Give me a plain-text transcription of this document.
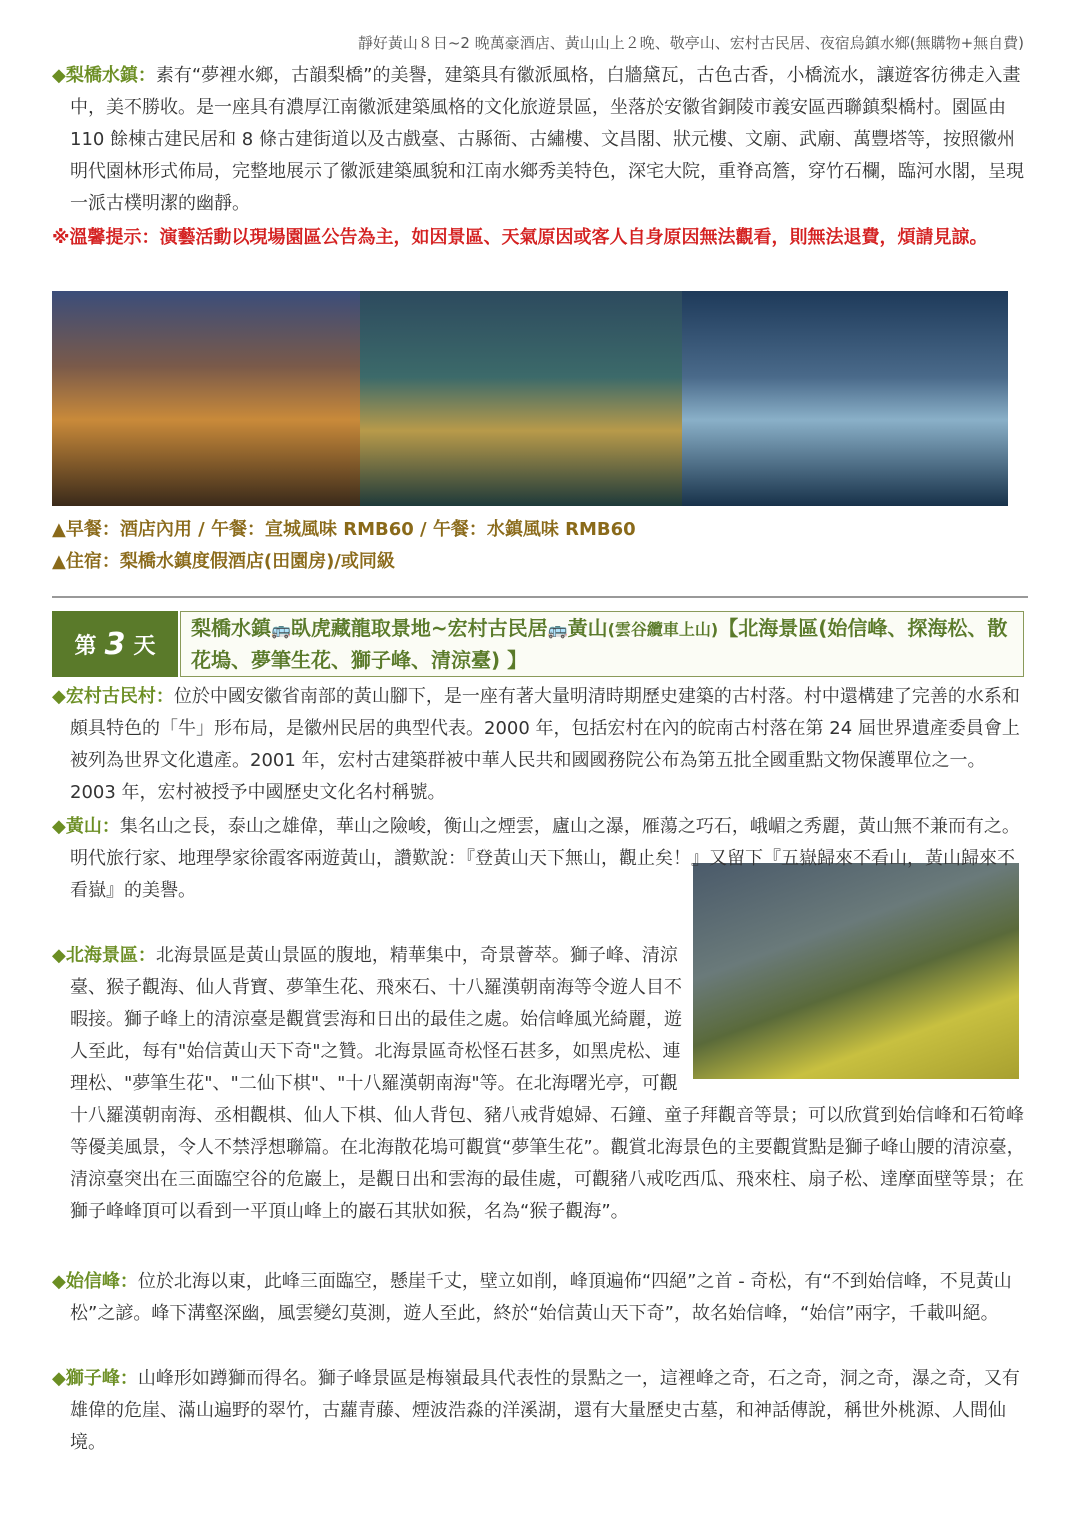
靜好黃山８日~2 晚萬豪酒店、黃山山上２晚、敬亭山、宏村古民居、夜宿烏鎮水鄉(無購物+無自費)

◆梨橋水鎮：素有“夢裡水鄉，古韻梨橋”的美譽，建築具有徽派風格，白牆黛瓦，古色古香，小橋流水，讓遊客彷彿走入畫中，美不勝收。是一座具有濃厚江南徽派建築風格的文化旅遊景區，坐落於安徽省銅陵市義安區西聯鎮梨橋村。園區由 110 餘棟古建民居和 8 條古建街道以及古戲臺、古縣衙、古繡樓、文昌閣、狀元樓、文廟、武廟、萬豐塔等，按照徽州明代園林形式佈局，完整地展示了徽派建築風貌和江南水鄉秀美特色，深宅大院，重脊高簷，穿竹石欄，臨河水閣，呈現一派古樸明潔的幽靜。

※溫馨提示：演藝活動以現場園區公告為主，如因景區、天氣原因或客人自身原因無法觀看，則無法退費，煩請見諒。

▲早餐：酒店內用 / 午餐：宣城風味 RMB60 / 午餐：水鎮風味 RMB60
▲住宿：梨橋水鎮度假酒店(田園房)/或同級
第 3 天
梨橋水鎮🚌臥虎藏龍取景地~宏村古民居🚌黃山(雲谷纜車上山)【北海景區(始信峰、探海松、散花塢、夢筆生花、獅子峰、清涼臺) 】

◆宏村古民村：位於中國安徽省南部的黃山腳下，是一座有著大量明清時期歷史建築的古村落。村中還構建了完善的水系和頗具特色的「牛」形布局，是徽州民居的典型代表。2000 年，包括宏村在內的皖南古村落在第 24 屆世界遺產委員會上被列為世界文化遺產。2001 年，宏村古建築群被中華人民共和國國務院公布為第五批全國重點文物保護單位之一。2003 年，宏村被授予中國歷史文化名村稱號。

◆黃山：集名山之長，泰山之雄偉，華山之險峻，衡山之煙雲，廬山之瀑，雁蕩之巧石，峨嵋之秀麗，黃山無不兼而有之。明代旅行家、地理學家徐霞客兩遊黃山，讚歎說：『登黃山天下無山，觀止矣！』又留下『五嶽歸來不看山，黃山歸來不看嶽』的美譽。

◆北海景區：北海景區是黃山景區的腹地，精華集中，奇景薈萃。獅子峰、清涼臺、猴子觀海、仙人背寶、夢筆生花、飛來石、十八羅漢朝南海等令遊人目不暇接。獅子峰上的清涼臺是觀賞雲海和日出的最佳之處。始信峰風光綺麗，遊人至此，每有"始信黃山天下奇"之贊。北海景區奇松怪石甚多，如黑虎松、連理松、"夢筆生花"、"二仙下棋"、"十八羅漢朝南海"等。在北海曙光亭，可觀十八羅漢朝南海、丞相觀棋、仙人下棋、仙人背包、豬八戒背媳婦、石鐘、童子拜觀音等景；可以欣賞到始信峰和石筍峰等優美風景，令人不禁浮想聯篇。在北海散花塢可觀賞“夢筆生花”。觀賞北海景色的主要觀賞點是獅子峰山腰的清涼臺，清涼臺突出在三面臨空谷的危巖上，是觀日出和雲海的最佳處，可觀豬八戒吃西瓜、飛來柱、扇子松、達摩面壁等景；在獅子峰峰頂可以看到一平頂山峰上的巖石其狀如猴，名為“猴子觀海”。

◆始信峰：位於北海以東，此峰三面臨空，懸崖千丈，壁立如削，峰頂遍佈“四絕”之首 - 奇松，有“不到始信峰，不見黃山松”之諺。峰下溝壑深幽，風雲變幻莫測，遊人至此，終於“始信黃山天下奇”，故名始信峰，“始信”兩字，千載叫絕。

◆獅子峰：山峰形如蹲獅而得名。獅子峰景區是梅嶺最具代表性的景點之一，這裡峰之奇，石之奇，洞之奇，瀑之奇，又有雄偉的危崖、滿山遍野的翠竹，古蘿青藤、煙波浩淼的洋溪湖，還有大量歷史古墓，和神話傳說，稱世外桃源、人間仙境。
